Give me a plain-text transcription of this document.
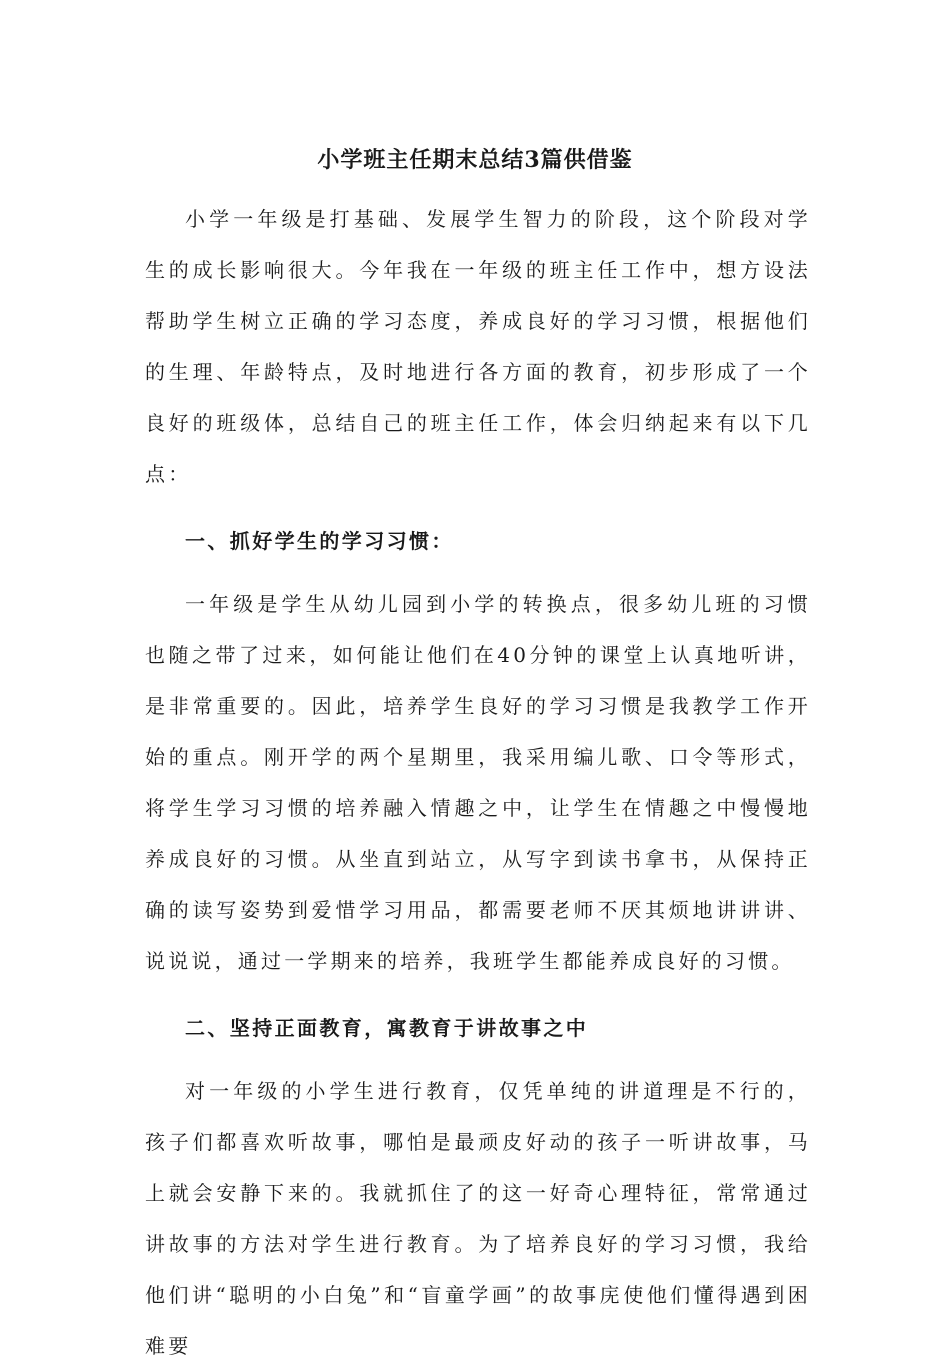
小学班主任期末总结3篇供借鉴

小学一年级是打基础、发展学生智力的阶段，这个阶段对学生的成长影响很大。今年我在一年级的班主任工作中，想方设法帮助学生树立正确的学习态度，养成良好的学习习惯，根据他们的生理、年龄特点，及时地进行各方面的教育，初步形成了一个良好的班级体，总结自己的班主任工作，体会归纳起来有以下几点：

一、抓好学生的学习习惯：

一年级是学生从幼儿园到小学的转换点，很多幼儿班的习惯也随之带了过来，如何能让他们在40分钟的课堂上认真地听讲，是非常重要的。因此，培养学生良好的学习习惯是我教学工作开始的重点。刚开学的两个星期里，我采用编儿歌、口令等形式，将学生学习习惯的培养融入情趣之中，让学生在情趣之中慢慢地养成良好的习惯。从坐直到站立，从写字到读书拿书，从保持正确的读写姿势到爱惜学习用品，都需要老师不厌其烦地讲讲讲、说说说，通过一学期来的培养，我班学生都能养成良好的习惯。

二、坚持正面教育，寓教育于讲故事之中

对一年级的小学生进行教育，仅凭单纯的讲道理是不行的，孩子们都喜欢听故事，哪怕是最顽皮好动的孩子一听讲故事，马上就会安静下来的。我就抓住了的这一好奇心理特征，常常通过讲故事的方法对学生进行教育。为了培养良好的学习习惯，我给他们讲“聪明的小白兔”和“盲童学画”的故事庑使他们懂得遇到困难要
